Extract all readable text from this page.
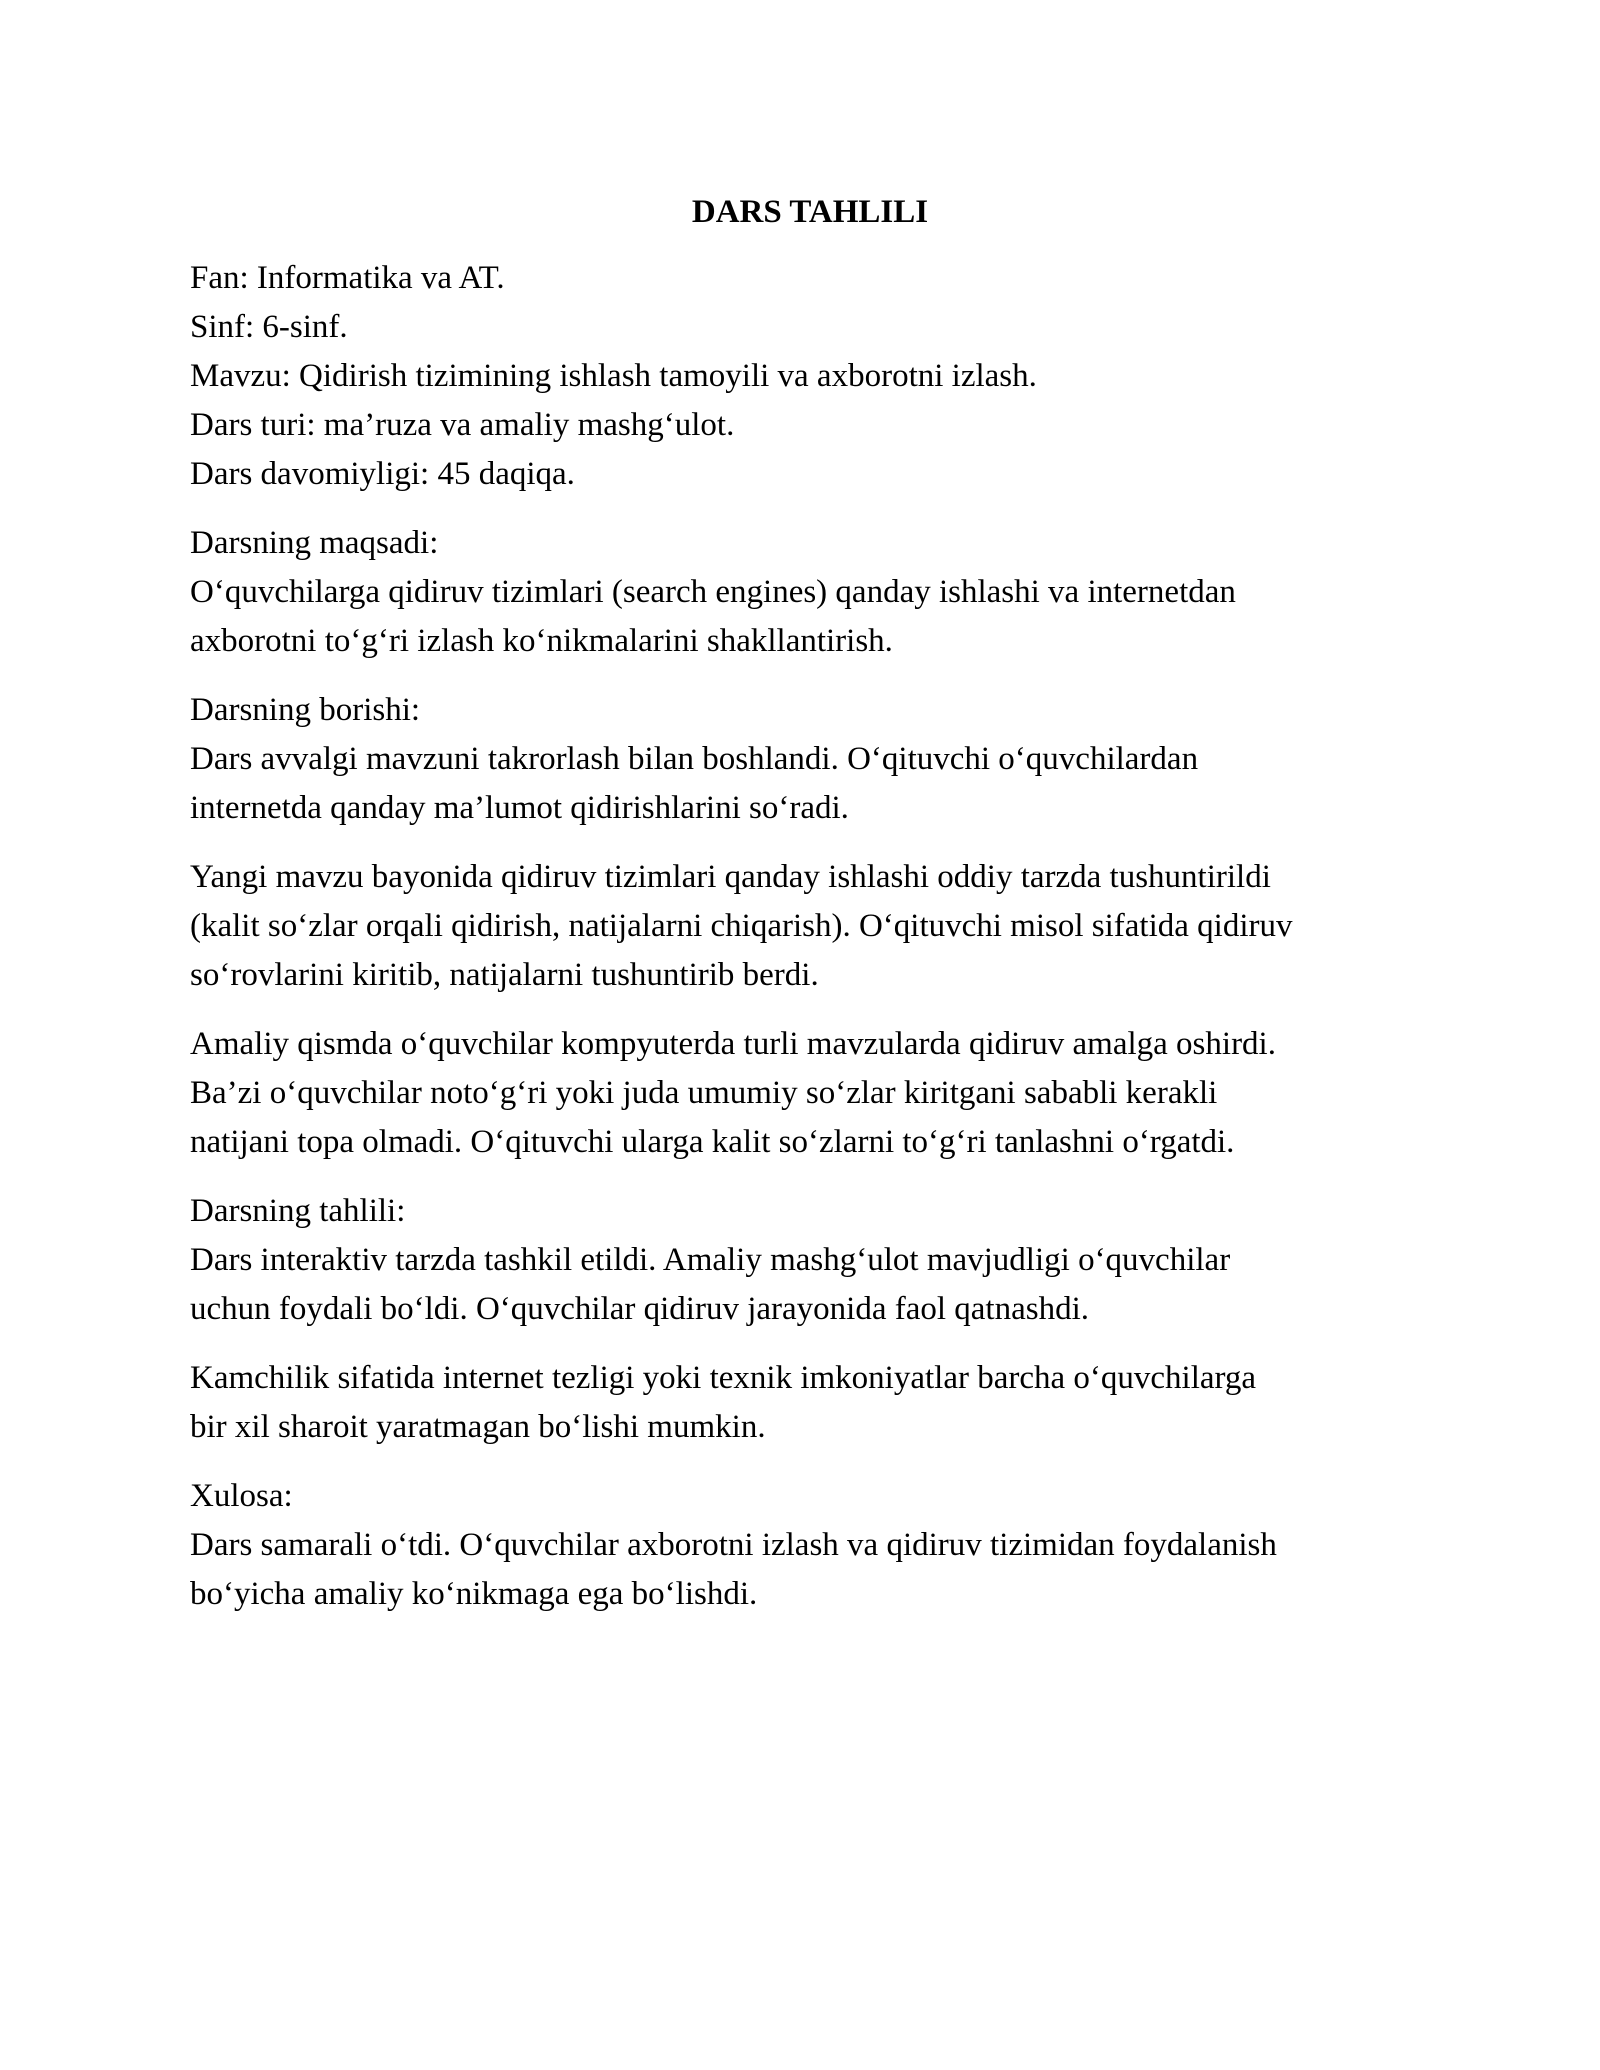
DARS TAHLILI
Fan: Informatika va AT.
Sinf: 6-sinf.
Mavzu: Qidirish tizimining ishlash tamoyili va axborotni izlash.
Dars turi: ma’ruza va amaliy mashg‘ulot.
Dars davomiyligi: 45 daqiqa.
Darsning maqsadi:
O‘quvchilarga qidiruv tizimlari (search engines) qanday ishlashi va internetdan
axborotni to‘g‘ri izlash ko‘nikmalarini shakllantirish.
Darsning borishi:
Dars avvalgi mavzuni takrorlash bilan boshlandi. O‘qituvchi o‘quvchilardan
internetda qanday ma’lumot qidirishlarini so‘radi.
Yangi mavzu bayonida qidiruv tizimlari qanday ishlashi oddiy tarzda tushuntirildi
(kalit so‘zlar orqali qidirish, natijalarni chiqarish). O‘qituvchi misol sifatida qidiruv
so‘rovlarini kiritib, natijalarni tushuntirib berdi.
Amaliy qismda o‘quvchilar kompyuterda turli mavzularda qidiruv amalga oshirdi.
Ba’zi o‘quvchilar noto‘g‘ri yoki juda umumiy so‘zlar kiritgani sababli kerakli
natijani topa olmadi. O‘qituvchi ularga kalit so‘zlarni to‘g‘ri tanlashni o‘rgatdi.
Darsning tahlili:
Dars interaktiv tarzda tashkil etildi. Amaliy mashg‘ulot mavjudligi o‘quvchilar
uchun foydali bo‘ldi. O‘quvchilar qidiruv jarayonida faol qatnashdi.
Kamchilik sifatida internet tezligi yoki texnik imkoniyatlar barcha o‘quvchilarga
bir xil sharoit yaratmagan bo‘lishi mumkin.
Xulosa:
Dars samarali o‘tdi. O‘quvchilar axborotni izlash va qidiruv tizimidan foydalanish
bo‘yicha amaliy ko‘nikmaga ega bo‘lishdi.
